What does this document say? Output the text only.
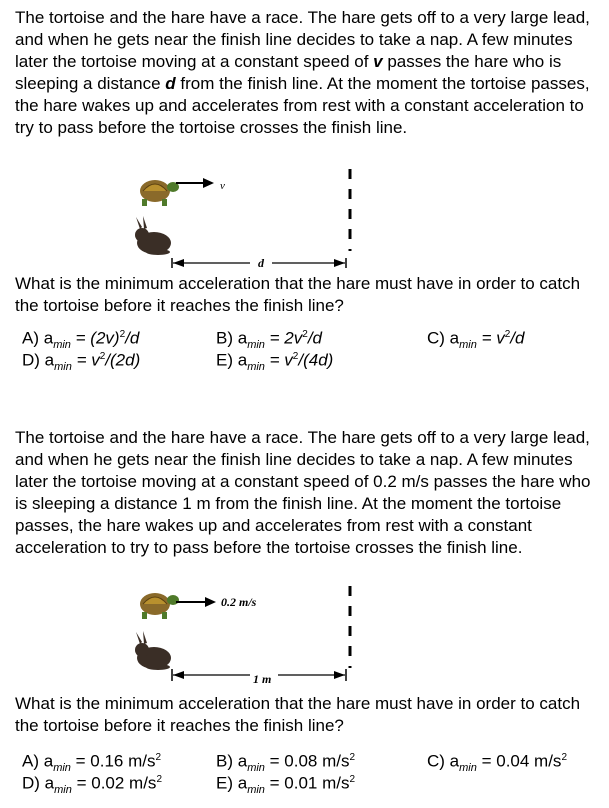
The tortoise and the hare have a race. The hare gets off to a very large lead, and when he gets near the finish line decides to take a nap. A few minutes later the tortoise moving at a constant speed of v passes the hare who is sleeping a distance d from the finish line. At the moment the tortoise passes, the hare wakes up and accelerates from rest with a constant acceleration to try to pass before the tortoise crosses the finish line.

v
d

What is the minimum acceleration that the hare must have in order to catch the tortoise before it reaches the finish line?

A) $a_{min} = (2v)^2/d$	B) $a_{min} = 2v^2/d$	C) $a_{min} = v^2/d$
D) $a_{min} = v^2/(2d)$	E) $a_{min} = v^2/(4d)$

The tortoise and the hare have a race. The hare gets off to a very large lead, and when he gets near the finish line decides to take a nap. A few minutes later the tortoise moving at a constant speed of 0.2 m/s passes the hare who is sleeping a distance 1 m from the finish line. At the moment the tortoise passes, the hare wakes up and accelerates from rest with a constant acceleration to try to pass before the tortoise crosses the finish line.

0.2 m/s
1 m

What is the minimum acceleration that the hare must have in order to catch the tortoise before it reaches the finish line?

A) $a_{min} = 0.16$ $m/s^2$	B) $a_{min} = 0.08$ $m/s^2$	C) $a_{min} = 0.04$ $m/s^2$
D) $a_{min} = 0.02$ $m/s^2$	E) $a_{min} = 0.01$ $m/s^2$
